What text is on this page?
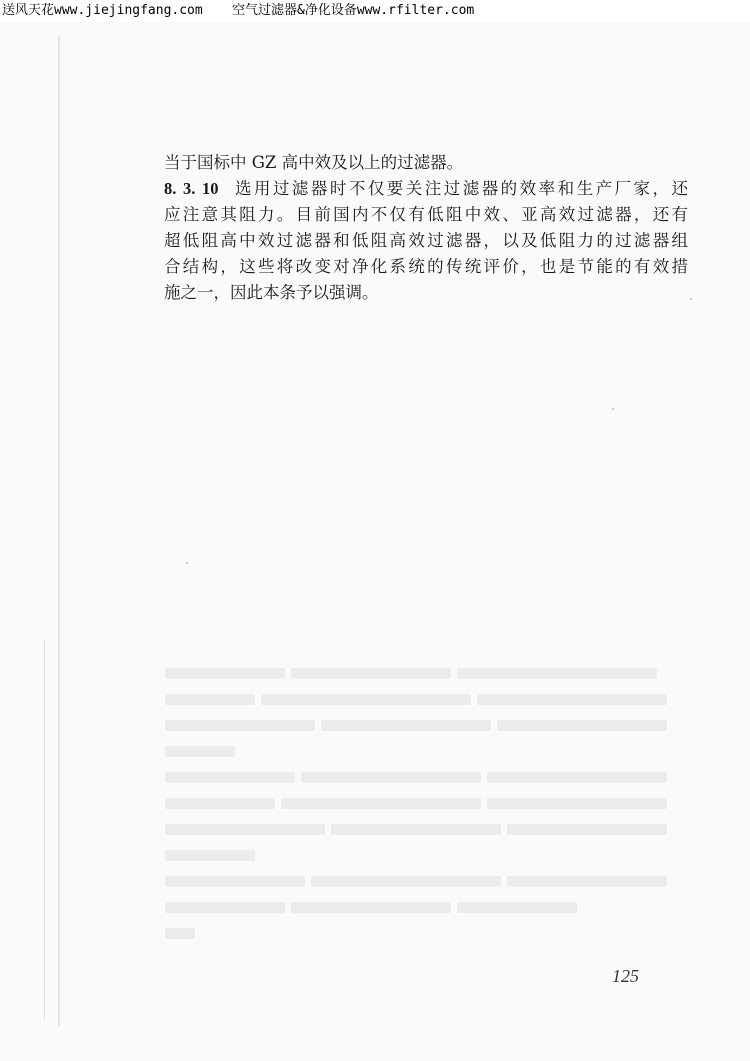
送风天花www.jiejingfang.com 空气过滤器&净化设备www.rfilter.com
当于国标中 GZ 高中效及以上的过滤器。
8. 3. 10 选用过滤器时不仅要关注过滤器的效率和生产厂家，还
应注意其阻力。目前国内不仅有低阻中效、亚高效过滤器，还有
超低阻高中效过滤器和低阻高效过滤器，以及低阻力的过滤器组
合结构，这些将改变对净化系统的传统评价，也是节能的有效措
施之一，因此本条予以强调。
125
